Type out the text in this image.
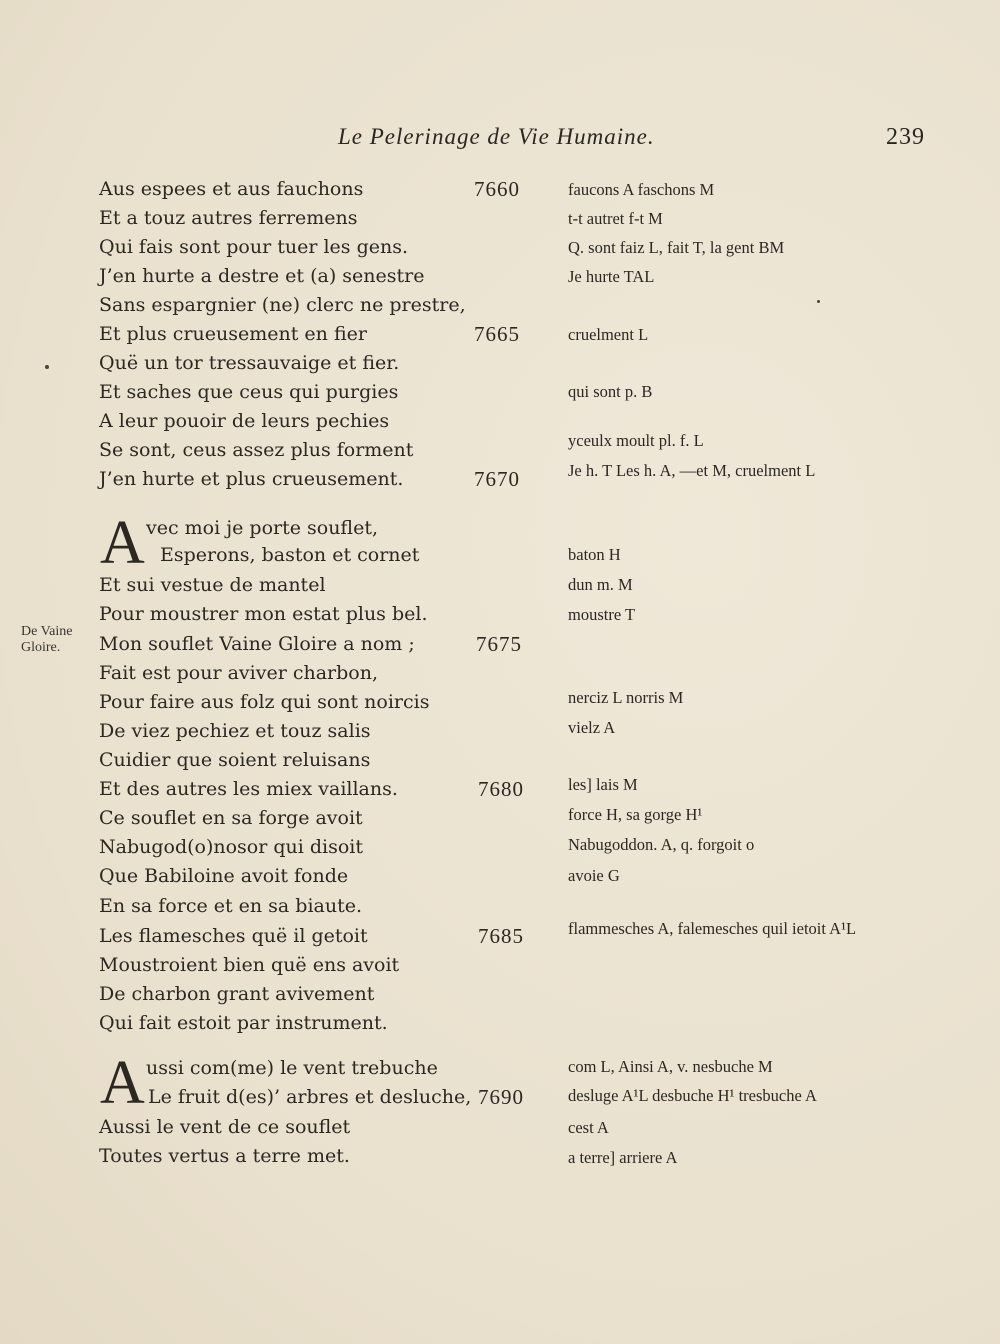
Le Pelerinage de Vie Humaine.	239
De Vaine
Gloire.
Aus espees et aus fauchons
Et a touz autres ferremens
Qui fais sont pour tuer les gens.
J’en hurte a destre et (a) senestre
Sans espargnier (ne) clerc ne prestre,
Et plus crueusement en fier
Quë un tor tressauvaige et fier.
Et saches que ceus qui purgies
A leur pouoir de leurs pechies
Se sont, ceus assez plus forment
J’en hurte et plus crueusement.
A vec moi je porte souflet,
Esperons, baston et cornet
Et sui vestue de mantel
Pour moustrer mon estat plus bel.
Mon souflet Vaine Gloire a nom ;
Fait est pour aviver charbon,
Pour faire aus folz qui sont noircis
De viez pechiez et touz salis
Cuidier que soient reluisans
Et des autres les miex vaillans.
Ce souflet en sa forge avoit
Nabugod(o)nosor qui disoit
Que Babiloine avoit fonde
En sa force et en sa biaute.
Les flamesches quë il getoit
Moustroient bien quë ens avoit
De charbon grant avivement
Qui fait estoit par instrument.
A ussi com(me) le vent trebuche
Le fruit d(es)’ arbres et desluche,
Aussi le vent de ce souflet
Toutes vertus a terre met.
7660
7665
7670
7675
7680
7685
7690
faucons A faschons M
t-t autret f-t M
Q. sont faiz L, fait T, la gent BM
Je hurte TAL
cruelment L
qui sont p. B
yceulx moult pl. f. L
Je h. T Les h. A, —et M, cruelment L
baton H
dun m. M
moustre T
nerciz L norris M
vielz A
les] lais M
force H, sa gorge H¹
Nabugoddon. A, q. forgoit o
avoie G
flammesches A, falemesches quil ietoit A¹L
com L, Ainsi A, v. nesbuche M
desluge A¹L desbuche H¹ tresbuche A
cest A
a terre] arriere A
